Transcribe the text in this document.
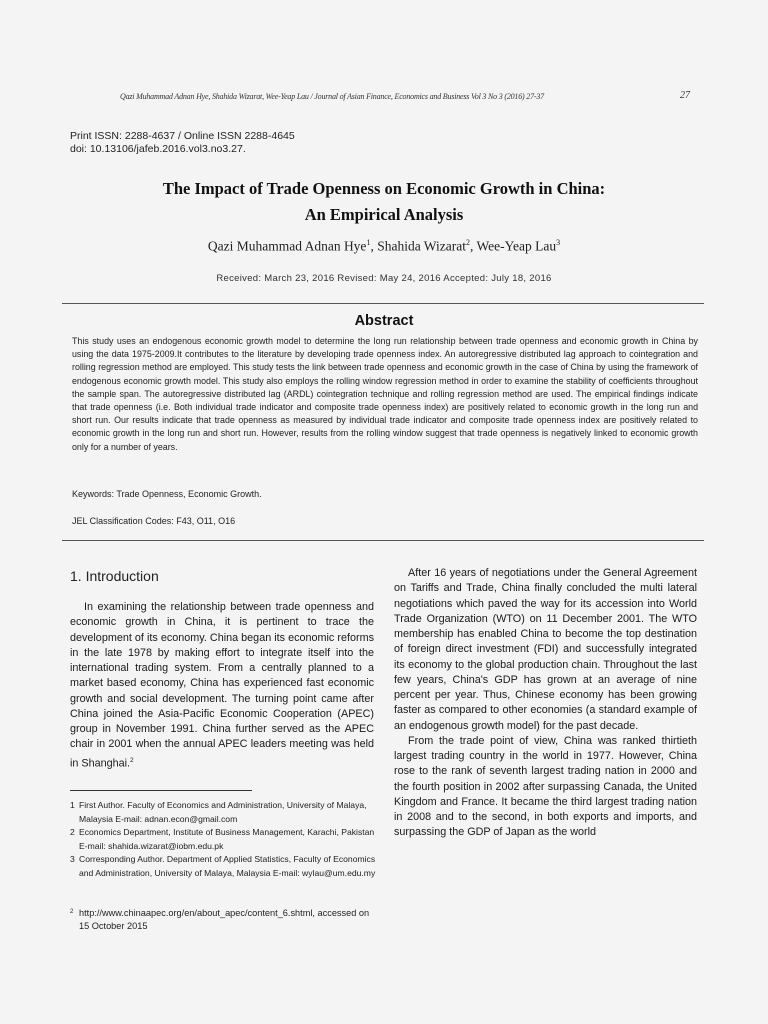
Qazi Muhammad Adnan Hye, Shahida Wizarat, Wee-Yeap Lau / Journal of Asian Finance, Economics and Business Vol 3 No 3 (2016) 27-37	27
Print ISSN: 2288-4637 / Online ISSN 2288-4645
doi: 10.13106/jafeb.2016.vol3.no3.27.
The Impact of Trade Openness on Economic Growth in China:
An Empirical Analysis
Qazi Muhammad Adnan Hye$^1$, Shahida Wizarat$^2$, Wee-Yeap Lau$^3$
Received: March 23, 2016 Revised: May 24, 2016 Accepted: July 18, 2016
Abstract
This study uses an endogenous economic growth model to determine the long run relationship between trade openness and economic growth in China by using the data 1975-2009.It contributes to the literature by developing trade openness index. An autoregressive distributed lag approach to cointegration and rolling regression method are employed. This study tests the link between trade openness and economic growth in the case of China by using the framework of endogenous economic growth model. This study also employs the rolling window regression method in order to examine the stability of coefficients throughout the sample span. The autoregressive distributed lag (ARDL) cointegration technique and rolling regression method are used. The empirical findings indicate that trade openness (i.e. Both individual trade indicator and composite trade openness index) are positively related to economic growth in the long run and short run. Our results indicate that trade openness as measured by individual trade indicator and composite trade openness index are positively related to economic growth in the long run and short run. However, results from the rolling window suggest that trade openness is negatively linked to economic growth only for a number of years.
Keywords: Trade Openness, Economic Growth.
JEL Classification Codes: F43, O11, O16
1. Introduction

In examining the relationship between trade openness and economic growth in China, it is pertinent to trace the development of its economy. China began its economic reforms in the late 1978 by making effort to integrate itself into the international trading system. From a centrally planned to a market based economy, China has experienced fast economic growth and social development. The turning point came after China joined the Asia-Pacific Economic Cooperation (APEC) group in November 1991. China further served as the APEC chair in 2001 when the annual APEC leaders meeting was held in Shanghai.$^2$

After 16 years of negotiations under the General Agreement on Tariffs and Trade, China finally concluded the multi lateral negotiations which paved the way for its accession into World Trade Organization (WTO) on 11 December 2001. The WTO membership has enabled China to become the top destination of foreign direct investment (FDI) and successfully integrated its economy to the global production chain. Throughout the last few years, China's GDP has grown at an average of nine percent per year. Thus, Chinese economy has been growing faster as compared to other economies (a standard example of an endogenous growth model) for the past decade.

From the trade point of view, China was ranked thirtieth largest trading country in the world in 1977. However, China rose to the rank of seventh largest trading nation in 2000 and the fourth position in 2002 after surpassing Canada, the United Kingdom and France. It became the third largest trading nation in 2008 and to the second, in both exports and imports, and surpassing the GDP of Japan as the world

1 First Author. Faculty of Economics and Administration, University of Malaya, Malaysia E-mail: adnan.econ@gmail.com
2 Economics Department, Institute of Business Management, Karachi, Pakistan E-mail: shahida.wizarat@iobm.edu.pk
3 Corresponding Author. Department of Applied Statistics, Faculty of Economics and Administration, University of Malaya, Malaysia E-mail: wylau@um.edu.my
2 http://www.chinaapec.org/en/about_apec/content_6.shtml, accessed on 15 October 2015
